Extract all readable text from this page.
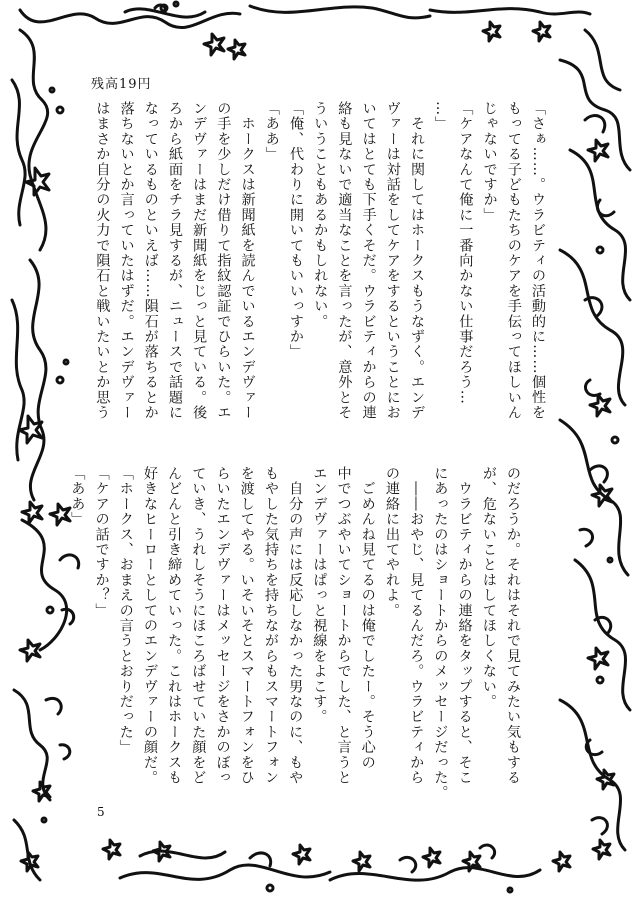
残高19円
「さぁ……。ウラビティの活動的に……個性を
もってる子どもたちのケアを手伝ってほしいん
じゃないですか」
「ケアなんて俺に一番向かない仕事だろう…
…」
　それに関してはホークスもうなずく。エンデ
ヴァーは対話をしてケアをするということにお
いてはとても下手くそだ。ウラビティからの連
絡も見ないで適当なことを言ったが、意外とそ
ういうこともあるかもしれない。
「俺、代わりに開いてもいいっすか」
「ああ」
　ホークスは新聞紙を読んでいるエンデヴァー
の手を少しだけ借りて指紋認証でひらいた。エ
ンデヴァーはまだ新聞紙をじっと見ている。後
ろから紙面をチラ見するが、ニュースで話題に
なっているものといえば……隕石が落ちるとか
落ちないとか言っていたはずだ。エンデヴァー
はまさか自分の火力で隕石と戦いたいとか思う
のだろうか。それはそれで見てみたい気もする
が、危ないことはしてほしくない。
　ウラビティからの連絡をタップすると、そこ
にあったのはショートからのメッセージだった。
　――おやじ、見てるんだろ。ウラビティから
の連絡に出てやれよ。
　ごめんね見てるのは俺でしたー。そう心の
中でつぶやいてショートからでした、と言うと
エンデヴァーはぱっと視線をよこす。
　自分の声には反応しなかった男なのに、もや
もやした気持ちを持ちながらもスマートフォン
を渡してやる。いそいそとスマートフォンをひ
らいたエンデヴァーはメッセージをさかのぼっ
ていき、うれしそうにほころばせていた顔をど
んどんと引き締めていった。これはホークスも
好きなヒーローとしてのエンデヴァーの顔だ。
「ホークス、おまえの言うとおりだった」
「ケアの話ですか？」
「ああ」
5
